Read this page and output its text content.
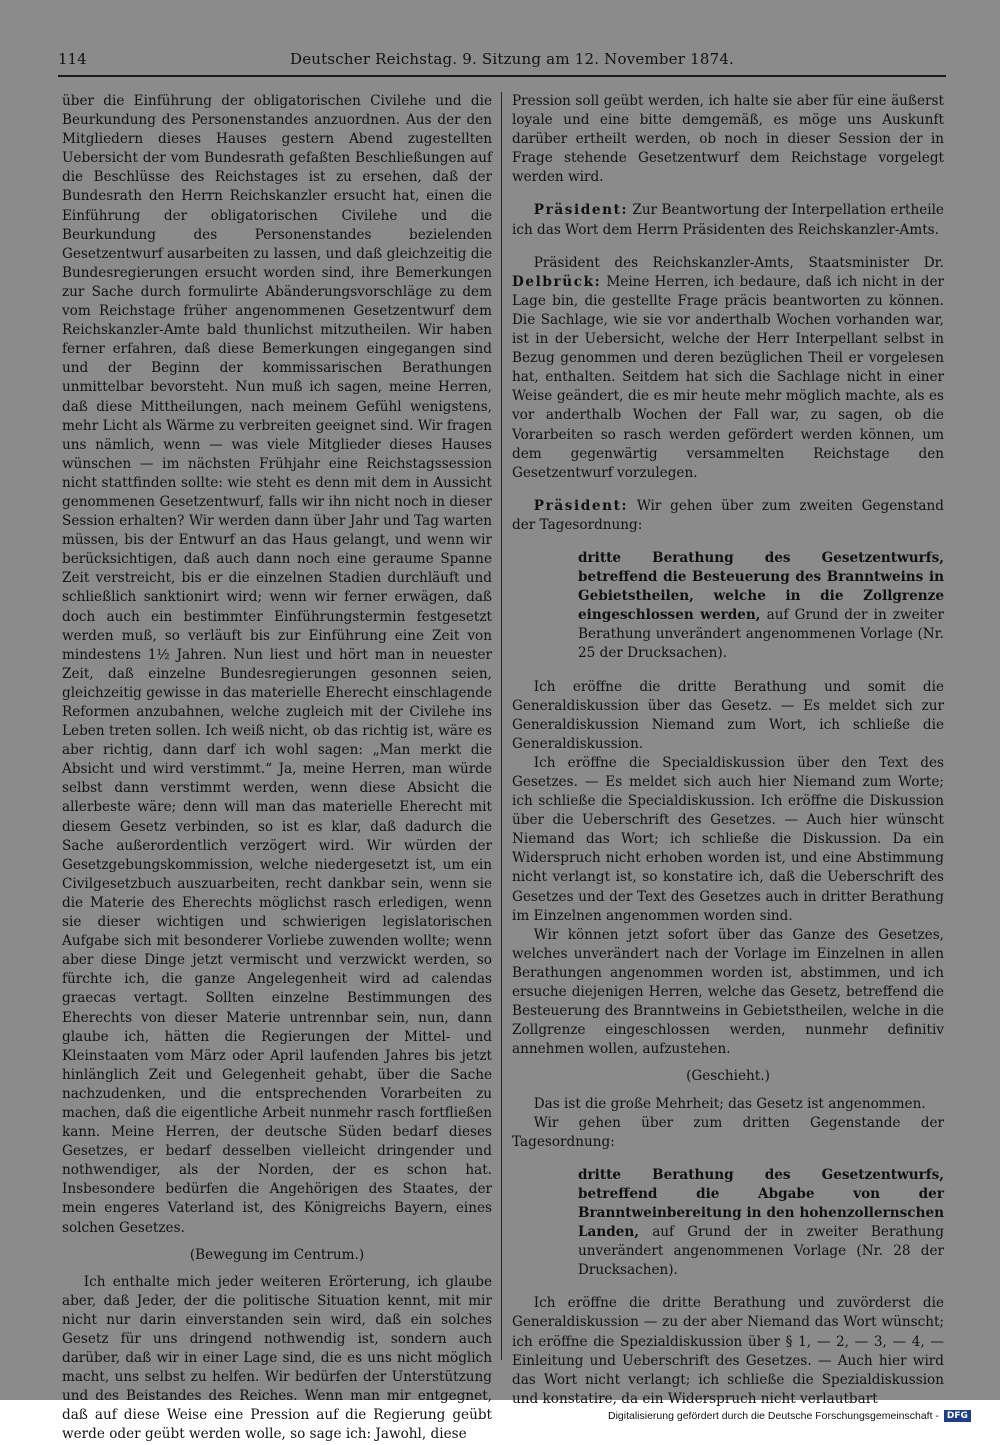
114	Deutscher Reichstag. 9. Sitzung am 12. November 1874.

über die Einführung der obligatorischen Civilehe und die Beurkundung des Personenstandes anzuordnen. Aus der den Mitgliedern dieses Hauses gestern Abend zugestellten Uebersicht der vom Bundesrath gefaßten Beschließungen auf die Beschlüsse des Reichstages ist zu ersehen, daß der Bundesrath den Herrn Reichskanzler ersucht hat, einen die Einführung der obligatorischen Civilehe und die Beurkundung des Personenstandes bezielenden Gesetzentwurf ausarbeiten zu lassen, und daß gleichzeitig die Bundesregierungen ersucht worden sind, ihre Bemerkungen zur Sache durch formulirte Abänderungsvorschläge zu dem vom Reichstage früher angenommenen Gesetzentwurf dem Reichskanzler-Amte bald thunlichst mitzutheilen. Wir haben ferner erfahren, daß diese Bemerkungen eingegangen sind und der Beginn der kommissarischen Berathungen unmittelbar bevorsteht. Nun muß ich sagen, meine Herren, daß diese Mittheilungen, nach meinem Gefühl wenigstens, mehr Licht als Wärme zu verbreiten geeignet sind. Wir fragen uns nämlich, wenn — was viele Mitglieder dieses Hauses wünschen — im nächsten Frühjahr eine Reichstagssession nicht stattfinden sollte: wie steht es denn mit dem in Aussicht genommenen Gesetzentwurf, falls wir ihn nicht noch in dieser Session erhalten? Wir werden dann über Jahr und Tag warten müssen, bis der Entwurf an das Haus gelangt, und wenn wir berücksichtigen, daß auch dann noch eine geraume Spanne Zeit verstreicht, bis er die einzelnen Stadien durchläuft und schließlich sanktionirt wird; wenn wir ferner erwägen, daß doch auch ein bestimmter Einführungstermin festgesetzt werden muß, so verläuft bis zur Einführung eine Zeit von mindestens 1½ Jahren. Nun liest und hört man in neuester Zeit, daß einzelne Bundesregierungen gesonnen seien, gleichzeitig gewisse in das materielle Eherecht einschlagende Reformen anzubahnen, welche zugleich mit der Civilehe ins Leben treten sollen. Ich weiß nicht, ob das richtig ist, wäre es aber richtig, dann darf ich wohl sagen: „Man merkt die Absicht und wird verstimmt.“ Ja, meine Herren, man würde selbst dann verstimmt werden, wenn diese Absicht die allerbeste wäre; denn will man das materielle Eherecht mit diesem Gesetz verbinden, so ist es klar, daß dadurch die Sache außerordentlich verzögert wird. Wir würden der Gesetzgebungskommission, welche niedergesetzt ist, um ein Civilgesetzbuch auszuarbeiten, recht dankbar sein, wenn sie die Materie des Eherechts möglichst rasch erledigen, wenn sie dieser wichtigen und schwierigen legislatorischen Aufgabe sich mit besonderer Vorliebe zuwenden wollte; wenn aber diese Dinge jetzt vermischt und verzwickt werden, so fürchte ich, die ganze Angelegenheit wird ad calendas graecas vertagt. Sollten einzelne Bestimmungen des Eherechts von dieser Materie untrennbar sein, nun, dann glaube ich, hätten die Regierungen der Mittel- und Kleinstaaten vom März oder April laufenden Jahres bis jetzt hinlänglich Zeit und Gelegenheit gehabt, über die Sache nachzudenken, und die entsprechenden Vorarbeiten zu machen, daß die eigentliche Arbeit nunmehr rasch fortfließen kann. Meine Herren, der deutsche Süden bedarf dieses Gesetzes, er bedarf desselben vielleicht dringender und nothwendiger, als der Norden, der es schon hat. Insbesondere bedürfen die Angehörigen des Staates, der mein engeres Vaterland ist, des Königreichs Bayern, eines solchen Gesetzes.

(Bewegung im Centrum.)

Ich enthalte mich jeder weiteren Erörterung, ich glaube aber, daß Jeder, der die politische Situation kennt, mit mir nicht nur darin einverstanden sein wird, daß ein solches Gesetz für uns dringend nothwendig ist, sondern auch darüber, daß wir in einer Lage sind, die es uns nicht möglich macht, uns selbst zu helfen. Wir bedürfen der Unterstützung und des Beistandes des Reiches. Wenn man mir entgegnet, daß auf diese Weise eine Pression auf die Regierung geübt werde oder geübt werden wolle, so sage ich: Jawohl, diese

Pression soll geübt werden, ich halte sie aber für eine äußerst loyale und eine bitte demgemäß, es möge uns Auskunft darüber ertheilt werden, ob noch in dieser Session der in Frage stehende Gesetzentwurf dem Reichstage vorgelegt werden wird.

Präsident: Zur Beantwortung der Interpellation ertheile ich das Wort dem Herrn Präsidenten des Reichskanzler-Amts.

Präsident des Reichskanzler-Amts, Staatsminister Dr. Delbrück: Meine Herren, ich bedaure, daß ich nicht in der Lage bin, die gestellte Frage präcis beantworten zu können. Die Sachlage, wie sie vor anderthalb Wochen vorhanden war, ist in der Uebersicht, welche der Herr Interpellant selbst in Bezug genommen und deren bezüglichen Theil er vorgelesen hat, enthalten. Seitdem hat sich die Sachlage nicht in einer Weise geändert, die es mir heute mehr möglich machte, als es vor anderthalb Wochen der Fall war, zu sagen, ob die Vorarbeiten so rasch werden gefördert werden können, um dem gegenwärtig versammelten Reichstage den Gesetzentwurf vorzulegen.

Präsident: Wir gehen über zum zweiten Gegenstand der Tagesordnung:

dritte Berathung des Gesetzentwurfs, betreffend die Besteuerung des Branntweins in Gebietstheilen, welche in die Zollgrenze eingeschlossen werden, auf Grund der in zweiter Berathung unverändert angenommenen Vorlage (Nr. 25 der Drucksachen).

Ich eröffne die dritte Berathung und somit die Generaldiskussion über das Gesetz. — Es meldet sich zur Generaldiskussion Niemand zum Wort, ich schließe die Generaldiskussion.

Ich eröffne die Specialdiskussion über den Text des Gesetzes. — Es meldet sich auch hier Niemand zum Worte; ich schließe die Specialdiskussion. Ich eröffne die Diskussion über die Ueberschrift des Gesetzes. — Auch hier wünscht Niemand das Wort; ich schließe die Diskussion. Da ein Widerspruch nicht erhoben worden ist, und eine Abstimmung nicht verlangt ist, so konstatire ich, daß die Ueberschrift des Gesetzes und der Text des Gesetzes auch in dritter Berathung im Einzelnen angenommen worden sind.

Wir können jetzt sofort über das Ganze des Gesetzes, welches unverändert nach der Vorlage im Einzelnen in allen Berathungen angenommen worden ist, abstimmen, und ich ersuche diejenigen Herren, welche das Gesetz, betreffend die Besteuerung des Branntweins in Gebietstheilen, welche in die Zollgrenze eingeschlossen werden, nunmehr definitiv annehmen wollen, aufzustehen.

(Geschieht.)

Das ist die große Mehrheit; das Gesetz ist angenommen.

Wir gehen über zum dritten Gegenstande der Tagesordnung:

dritte Berathung des Gesetzentwurfs, betreffend die Abgabe von der Branntweinbereitung in den hohenzollernschen Landen, auf Grund der in zweiter Berathung unverändert angenommenen Vorlage (Nr. 28 der Drucksachen).

Ich eröffne die dritte Berathung und zuvörderst die Generaldiskussion — zu der aber Niemand das Wort wünscht; ich eröffne die Spezialdiskussion über § 1, — 2, — 3, — 4, — Einleitung und Ueberschrift des Gesetzes. — Auch hier wird das Wort nicht verlangt; ich schließe die Spezialdiskussion und konstatire, da ein Widerspruch nicht verlautbart

Digitalisierung gefördert durch die Deutsche Forschungsgemeinschaft - DFG
